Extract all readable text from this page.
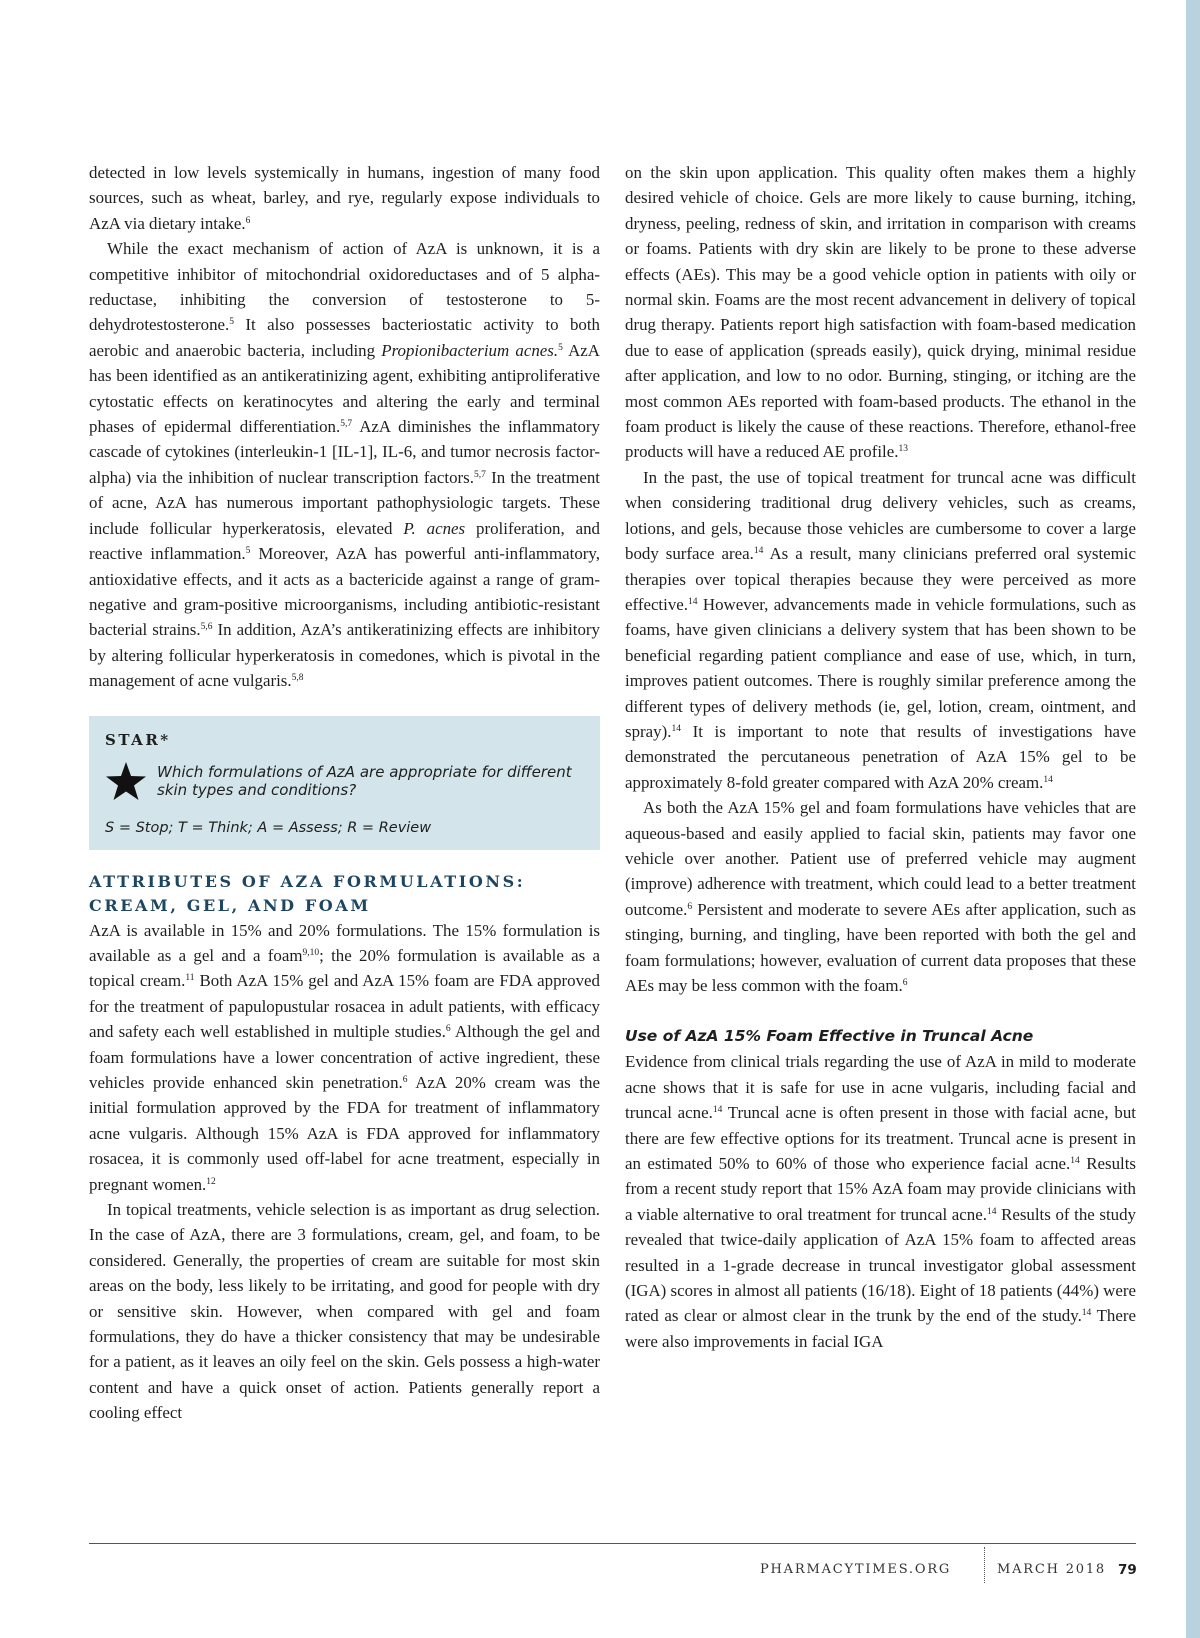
detected in low levels systemically in humans, ingestion of many food sources, such as wheat, barley, and rye, regularly expose individuals to AzA via dietary intake.$^6$

While the exact mechanism of action of AzA is unknown, it is a competitive inhibitor of mitochondrial oxidoreductases and of 5 alpha-reductase, inhibiting the conversion of testosterone to 5-dehydrotestosterone.$^5$ It also possesses bacteriostatic activity to both aerobic and anaerobic bacteria, including Propionibacterium acnes.$^5$ AzA has been identified as an antikeratinizing agent, exhibiting antiproliferative cytostatic effects on keratinocytes and altering the early and terminal phases of epidermal differentiation.$^{5,7}$ AzA diminishes the inflammatory cascade of cytokines (interleukin-1 [IL-1], IL-6, and tumor necrosis factor-alpha) via the inhibition of nuclear transcription factors.$^{5,7}$ In the treatment of acne, AzA has numerous important pathophysiologic targets. These include follicular hyperkeratosis, elevated P. acnes proliferation, and reactive inflammation.$^5$ Moreover, AzA has powerful anti-inflammatory, antioxidative effects, and it acts as a bactericide against a range of gram-negative and gram-positive microorganisms, including antibiotic-resistant bacterial strains.$^{5,6}$ In addition, AzA’s antikeratinizing effects are inhibitory by altering follicular hyperkeratosis in comedones, which is pivotal in the management of acne vulgaris.$^{5,8}$

STAR*
Which formulations of AzA are appropriate for different skin types and conditions?
S = Stop; T = Think; A = Assess; R = Review
ATTRIBUTES OF AZA FORMULATIONS:
CREAM, GEL, AND FOAM

AzA is available in 15% and 20% formulations. The 15% formulation is available as a gel and a foam$^{9,10}$; the 20% formulation is available as a topical cream.$^{11}$ Both AzA 15% gel and AzA 15% foam are FDA approved for the treatment of papulopustular rosacea in adult patients, with efficacy and safety each well established in multiple studies.$^6$ Although the gel and foam formulations have a lower concentration of active ingredient, these vehicles provide enhanced skin penetration.$^6$ AzA 20% cream was the initial formulation approved by the FDA for treatment of inflammatory acne vulgaris. Although 15% AzA is FDA approved for inflammatory rosacea, it is commonly used off-label for acne treatment, especially in pregnant women.$^{12}$

In topical treatments, vehicle selection is as important as drug selection. In the case of AzA, there are 3 formulations, cream, gel, and foam, to be considered. Generally, the properties of cream are suitable for most skin areas on the body, less likely to be irritating, and good for people with dry or sensitive skin. However, when compared with gel and foam formulations, they do have a thicker consistency that may be undesirable for a patient, as it leaves an oily feel on the skin. Gels possess a high-water content and have a quick onset of action. Patients generally report a cooling effect

on the skin upon application. This quality often makes them a highly desired vehicle of choice. Gels are more likely to cause burning, itching, dryness, peeling, redness of skin, and irritation in comparison with creams or foams. Patients with dry skin are likely to be prone to these adverse effects (AEs). This may be a good vehicle option in patients with oily or normal skin. Foams are the most recent advancement in delivery of topical drug therapy. Patients report high satisfaction with foam-based medication due to ease of application (spreads easily), quick drying, minimal residue after application, and low to no odor. Burning, stinging, or itching are the most common AEs reported with foam-based products. The ethanol in the foam product is likely the cause of these reactions. Therefore, ethanol-free products will have a reduced AE profile.$^{13}$

In the past, the use of topical treatment for truncal acne was difficult when considering traditional drug delivery vehicles, such as creams, lotions, and gels, because those vehicles are cumbersome to cover a large body surface area.$^{14}$ As a result, many clinicians preferred oral systemic therapies over topical therapies because they were perceived as more effective.$^{14}$ However, advancements made in vehicle formulations, such as foams, have given clinicians a delivery system that has been shown to be beneficial regarding patient compliance and ease of use, which, in turn, improves patient outcomes. There is roughly similar preference among the different types of delivery methods (ie, gel, lotion, cream, ointment, and spray).$^{14}$ It is important to note that results of investigations have demonstrated the percutaneous penetration of AzA 15% gel to be approximately 8-fold greater compared with AzA 20% cream.$^{14}$

As both the AzA 15% gel and foam formulations have vehicles that are aqueous-based and easily applied to facial skin, patients may favor one vehicle over another. Patient use of preferred vehicle may augment (improve) adherence with treatment, which could lead to a better treatment outcome.$^6$ Persistent and moderate to severe AEs after application, such as stinging, burning, and tingling, have been reported with both the gel and foam formulations; however, evaluation of current data proposes that these AEs may be less common with the foam.$^6$

Use of AzA 15% Foam Effective in Truncal Acne

Evidence from clinical trials regarding the use of AzA in mild to moderate acne shows that it is safe for use in acne vulgaris, including facial and truncal acne.$^{14}$ Truncal acne is often present in those with facial acne, but there are few effective options for its treatment. Truncal acne is present in an estimated 50% to 60% of those who experience facial acne.$^{14}$ Results from a recent study report that 15% AzA foam may provide clinicians with a viable alternative to oral treatment for truncal acne.$^{14}$ Results of the study revealed that twice-daily application of AzA 15% foam to affected areas resulted in a 1-grade decrease in truncal investigator global assessment (IGA) scores in almost all patients (16/18). Eight of 18 patients (44%) were rated as clear or almost clear in the trunk by the end of the study.$^{14}$ There were also improvements in facial IGA

PHARMACYTIMES.ORG	MARCH 2018 79
